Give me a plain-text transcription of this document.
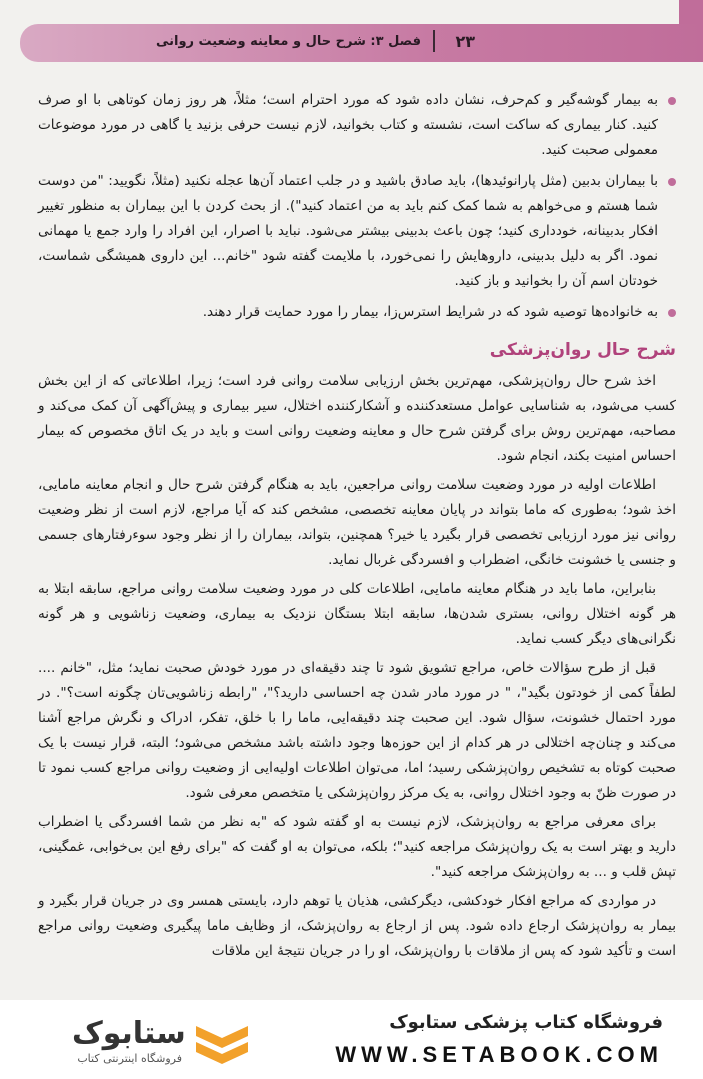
۲۳
فصل ۳: شرح حال و معاینه وضعیت روانی
به بیمار گوشه‌گیر و کم‌حرف، نشان داده شود که مورد احترام است؛ مثلاً، هر روز زمان کوتاهی با او صرف کنید. کنار بیماری که ساکت است، نشسته و کتاب بخوانید، لازم نیست حرفی بزنید یا گاهی در مورد موضوعات معمولی صحبت کنید.
با بیماران بدبین (مثل پارانوئیدها)، باید صادق باشید و در جلب اعتماد آن‌ها عجله نکنید (مثلاً، نگویید: "من دوست شما هستم و می‌خواهم به شما کمک کنم باید به من اعتماد کنید"). از بحث کردن با این بیماران به منظور تغییر افکار بدبینانه، خودداری کنید؛ چون باعث بدبینی بیشتر می‌شود. نباید با اصرار، این افراد را وارد جمع یا مهمانی نمود. اگر به دلیل بدبینی، داروهایش را نمی‌خورد، با ملایمت گفته شود "خانم... این داروی همیشگی شماست، خودتان اسم آن را بخوانید و باز کنید.
به خانواده‌ها توصیه شود که در شرایط استرس‌زا، بیمار را مورد حمایت قرار دهند.
شرح حال روان‌پزشکی

اخذ شرح حال روان‌پزشکی، مهم‌ترین بخش ارزیابی سلامت روانی فرد است؛ زیرا، اطلاعاتی که از این بخش کسب می‌شود، به شناسایی عوامل مستعدکننده و آشکارکننده اختلال، سیر بیماری و پیش‌آگهی آن کمک می‌کند و مصاحبه، مهم‌ترین روش برای گرفتن شرح حال و معاینه وضعیت روانی است و باید در یک اتاق مخصوص که بیمار احساس امنیت بکند، انجام شود.

اطلاعات اولیه در مورد وضعیت سلامت روانی مراجعین، باید به هنگام گرفتن شرح حال و انجام معاینه مامایی، اخذ شود؛ به‌طوری که ماما بتواند در پایان معاینه تخصصی، مشخص کند که آیا مراجع، لازم است از نظر وضعیت روانی نیز مورد ارزیابی تخصصی قرار بگیرد یا خیر؟ همچنین، بتواند، بیماران را از نظر وجود سوء‌رفتارهای جسمی و جنسی یا خشونت خانگی، اضطراب و افسردگی غربال نماید.

بنابراین، ماما باید در هنگام معاینه مامایی، اطلاعات کلی در مورد وضعیت سلامت روانی مراجع، سابقه ابتلا به هر گونه اختلال روانی، بستری شدن‌ها، سابقه ابتلا بستگان نزدیک به بیماری، وضعیت زناشویی و هر گونه نگرانی‌های دیگر کسب نماید.

قبل از طرح سؤالات خاص، مراجع تشویق شود تا چند دقیقه‌ای در مورد خودش صحبت نماید؛ مثل، "خانم .... لطفاً کمی از خودتون بگید"، " در مورد مادر شدن چه احساسی دارید؟"، "رابطه زناشویی‌تان چگونه است؟". در مورد احتمال خشونت، سؤال شود. این صحبت چند دقیقه‌ایی، ماما را با خلق، تفکر، ادراک و نگرش مراجع آشنا می‌کند و چنان‌چه اختلالی در هر کدام از این حوزه‌ها وجود داشته باشد مشخص می‌شود؛ البته، قرار نیست با یک صحبت کوتاه به تشخیص روان‌پزشکی رسید؛ اما، می‌توان اطلاعات اولیه‌ایی از وضعیت روانی مراجع کسب نمود تا در صورت ظنّ به وجود اختلال روانی، به یک مرکز روان‌پزشکی یا متخصص معرفی شود.

برای معرفی مراجع به روان‌پزشک، لازم نیست به او گفته شود که "به نظر من شما افسردگی یا اضطراب دارید و بهتر است به یک روان‌پزشک مراجعه کنید"؛ بلکه، می‌توان به او گفت که "برای رفع این بی‌خوابی، غمگینی، تپش قلب و ... به روان‌پزشک مراجعه کنید".

در مواردی که مراجع افکار خودکشی، دیگرکشی، هذیان یا توهم دارد، بایستی همسر وی در جریان قرار بگیرد و بیمار به روان‌پزشک ارجاع داده شود. پس از ارجاع به روان‌پزشک، از وظایف ماما پیگیری وضعیت روانی مراجع است و تأکید شود که پس از ملاقات با روان‌پزشک، او را در جریان نتیجهٔ این ملاقات

فروشگاه کتاب پزشکی ستابوک
WWW.SETABOOK.COM
ستابوک
فروشگاه اینترنتی کتاب
